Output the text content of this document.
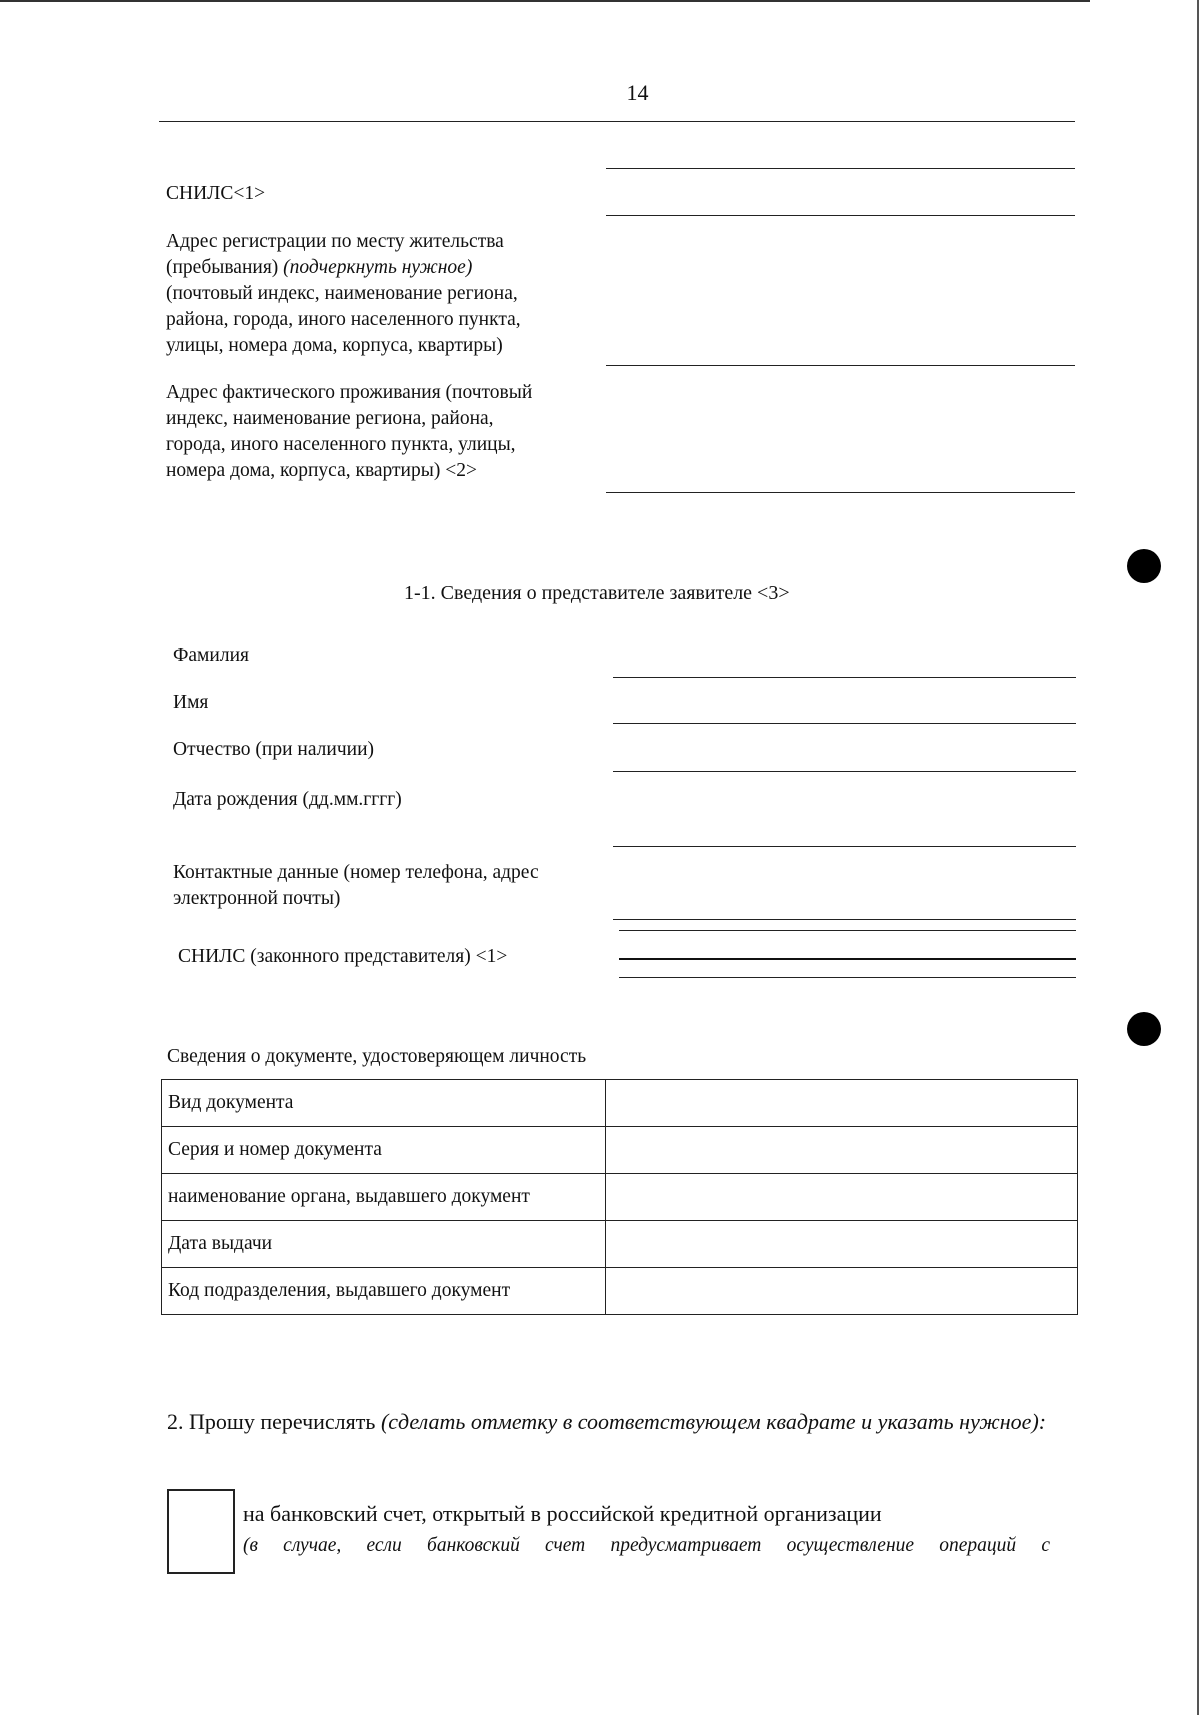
14
СНИЛС<1>
Адрес регистрации по месту жительства
(пребывания) (подчеркнуть нужное)
(почтовый индекс, наименование региона,
района, города, иного населенного пункта,
улицы, номера дома, корпуса, квартиры)
Адрес фактического проживания (почтовый
индекс, наименование региона, района,
города, иного населенного пункта, улицы,
номера дома, корпуса, квартиры) <2>
1-1. Сведения о представителе заявителе <3>
Фамилия
Имя
Отчество (при наличии)
Дата рождения (дд.мм.гггг)
Контактные данные (номер телефона, адрес
электронной почты)
СНИЛС (законного представителя) <1>
Сведения о документе, удостоверяющем личность
Вид документа	
Серия и номер документа	
наименование органа, выдавшего документ	
Дата выдачи	
Код подразделения, выдавшего документ	
2. Прошу перечислять (сделать отметку в соответствующем квадрате и указать нужное):
на банковский счет, открытый в российской кредитной организации
(в случае, если банковский счет предусматривает осуществление операций с
